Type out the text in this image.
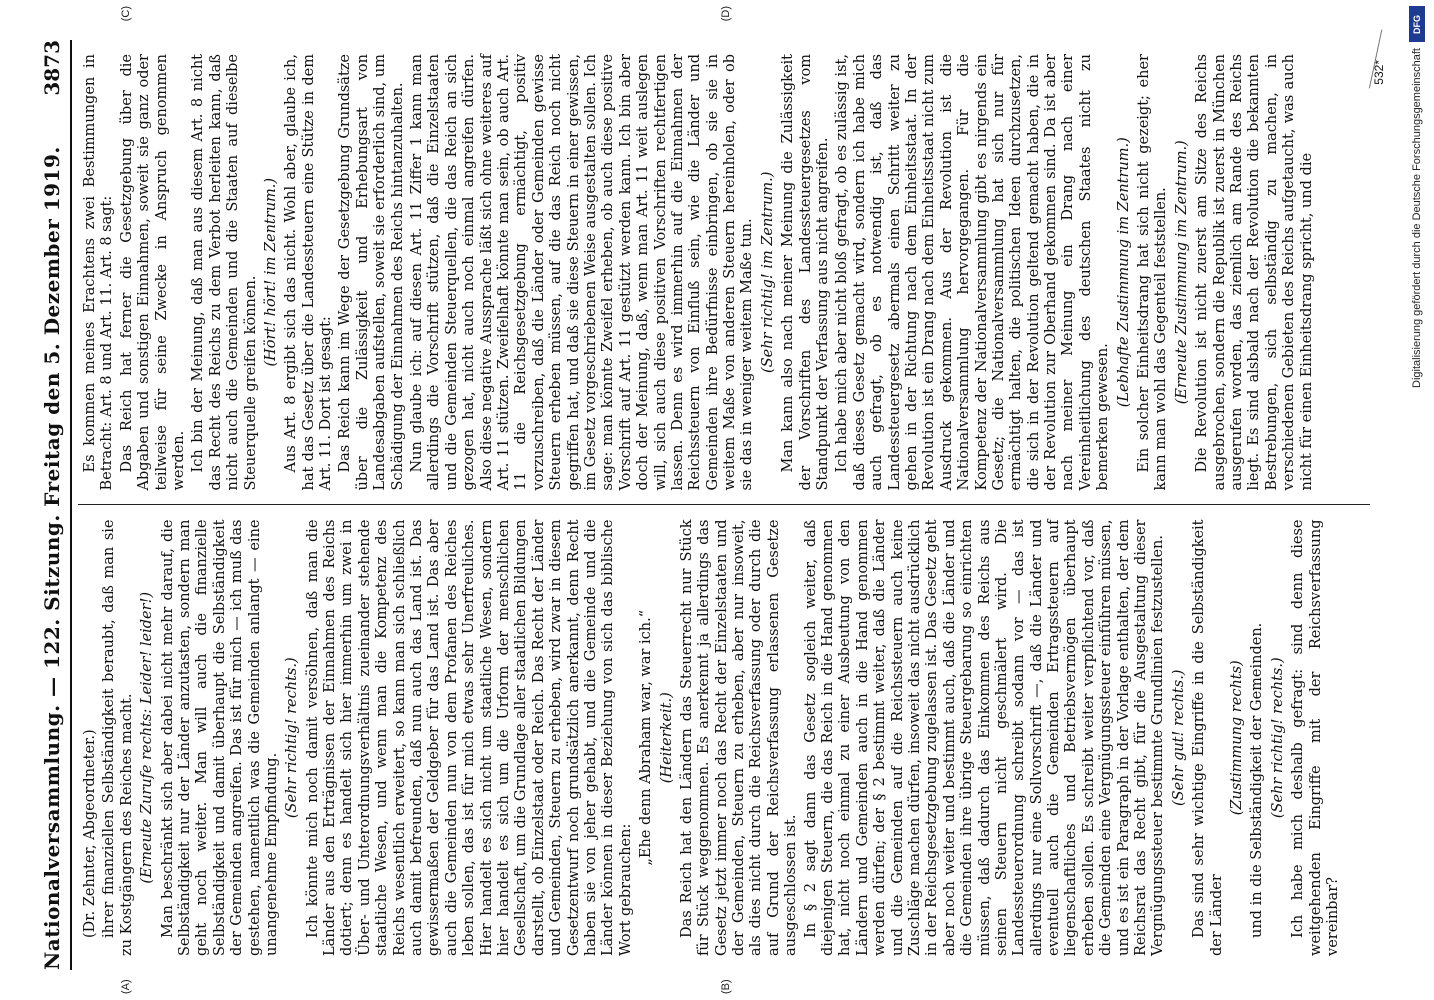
Nationalversammlung. — 122. Sitzung. Freitag den 5. Dezember 1919.
3873

(Dr. Zehnter, Abgeordneter.) ihrer finanziellen Selbständigkeit beraubt, daß man sie zu Kostgängern des Reiches macht. (Erneute Zurufe rechts: Leider! leider!) Man beschränkt sich aber dabei nicht mehr darauf, die Selbständigkeit nur der Länder anzutasten, sondern man geht noch weiter. Man will auch die finanzielle Selbständigkeit und damit überhaupt die Selbständigkeit der Gemeinden angreifen. Das ist für mich — ich muß das gestehen, namentlich was die Gemeinden anlangt — eine unangenehme Empfindung.

(Sehr richtig! rechts.) Ich könnte mich noch damit versöhnen, daß man die Länder aus den Erträgnissen der Einnahmen des Reichs dotiert; denn es handelt sich hier immerhin um zwei in Über- und Unterordnungsverhältnis zueinander stehende staatliche Wesen, und wenn man die Kompetenz des Reichs wesentlich erweitert, so kann man sich schließlich auch damit befreunden, daß nun auch das Land ist. Das gewissermaßen der Geldgeber für das Land ist. Das aber auch die Gemeinden nun von dem Profanen des Reiches leben sollen, das ist für mich etwas sehr Unerfreuliches. Hier handelt es sich nicht um staatliche Wesen, sondern hier handelt es sich um die Urform der menschlichen Gesellschaft, um die Grundlage aller staatlichen Bildungen darstellt, ob Einzelstaat oder Reich. Das Recht der Länder und Gemeinden, Steuern zu erheben, wird zwar in diesem Gesetzentwurf noch grundsätzlich anerkannt, denn Recht haben sie von jeher gehabt, und die Gemeinde und die Länder können in dieser Beziehung von sich das biblische Wort gebrauchen:

„Ehe denn Abraham war, war ich.“ (Heiterkeit.) Das Reich hat den Ländern das Steuerrecht nur Stück für Stück weggenommen. Es anerkennt ja allerdings das Gesetz jetzt immer noch das Recht der Einzelstaaten und der Gemeinden, Steuern zu erheben, aber nur insoweit, als dies nicht durch die Reichsverfassung oder durch die auf Grund der Reichsverfassung erlassenen Gesetze ausgeschlossen ist. In § 2 sagt dann das Gesetz sogleich weiter, daß diejenigen Steuern, die das Reich in die Hand genommen hat, nicht noch einmal zu einer Ausbeutung von den Ländern und Gemeinden auch in die Hand genommen werden dürfen; der § 2 bestimmt weiter, daß die Länder und die Gemeinden auf die Reichssteuern auch keine Zuschläge machen dürfen, insoweit das nicht ausdrücklich in der Reichsgesetzgebung zugelassen ist. Das Gesetz geht aber noch weiter und bestimmt auch, daß die Länder und die Gemeinden ihre übrige Steuergebarung so einrichten müssen, daß dadurch das Einkommen des Reichs aus seinen Steuern nicht geschmälert wird. Die Landessteuerordnung schreibt sodann vor — das ist allerdings nur eine Sollvorschrift —, daß die Länder und eventuell auch die Gemeinden Ertragssteuern auf liegenschaftliches und Betriebsvermögen überhaupt erheben sollen. Es schreibt weiter verpflichtend vor, daß die Gemeinden eine Vergnügungssteuer einführen müssen, und es ist ein Paragraph in der Vorlage enthalten, der dem Reichsrat das Recht gibt, für die Ausgestaltung dieser Vergnügungssteuer bestimmte Grundlinien festzustellen. (Sehr gut! rechts.) Das sind sehr wichtige Eingriffe in die Selbständigkeit der Länder

(Zustimmung rechts) und in die Selbständigkeit der Gemeinden. (Sehr richtig! rechts.) Ich habe mich deshalb gefragt: sind denn diese weitgehenden Eingriffe mit der Reichsverfassung vereinbar?

Es kommen meines Erachtens zwei Bestimmungen in Betracht: Art. 8 und Art. 11. Art. 8 sagt: Das Reich hat ferner die Gesetzgebung über die Abgaben und sonstigen Einnahmen, soweit sie ganz oder teilweise für seine Zwecke in Anspruch genommen werden. Ich bin der Meinung, daß man aus diesem Art. 8 nicht das Recht des Reichs zu dem Verbot herleiten kann, daß nicht auch die Gemeinden und die Staaten auf dieselbe Steuerquelle greifen können.

(Hört! hört! im Zentrum.) Aus Art. 8 ergibt sich das nicht. Wohl aber, glaube ich, hat das Gesetz über die Landessteuern eine Stütze in dem Art. 11. Dort ist gesagt: Das Reich kann im Wege der Gesetzgebung Grundsätze über die Zulässigkeit und Erhebungsart von Landesabgaben aufstellen, soweit sie erforderlich sind, um Schädigung der Einnahmen des Reichs hintanzuhalten. Nun glaube ich: auf diesen Art. 11 Ziffer 1 kann man allerdings die Vorschrift stützen, daß die Einzelstaaten und die Gemeinden Steuerquellen, die das Reich an sich gezogen hat, nicht auch noch einmal angreifen dürfen. Also diese negative Aussprache läßt sich ohne weiteres auf Art. 11 stützen. Zweifelhaft könnte man sein, ob auch Art. 11 die Reichsgesetzgebung ermächtigt, positiv vorzuschreiben, daß die Länder oder Gemeinden gewisse Steuern erheben müssen, auf die das Reich noch nicht gegriffen hat, und daß sie diese Steuern in einer gewissen, im Gesetz vorgeschriebenen Weise ausgestalten sollen. Ich sage: man könnte Zweifel erheben, ob auch diese positive Vorschrift auf Art. 11 gestützt werden kann. Ich bin aber doch der Meinung, daß, wenn man Art. 11 weit auslegen will, sich auch diese positiven Vorschriften rechtfertigen lassen. Denn es wird immerhin auf die Einnahmen der Reichssteuern von Einfluß sein, wie die Länder und Gemeinden ihre Bedürfnisse einbringen, ob sie sie in weitem Maße von anderen Steuern hereinholen, oder ob sie das in weniger weitem Maße tun. (Sehr richtig! im Zentrum.) Man kann also nach meiner Meinung die Zulässigkeit der Vorschriften des Landessteuergesetzes vom Standpunkt der Verfassung aus nicht angreifen. Ich habe mich aber nicht bloß gefragt, ob es zulässig ist, daß dieses Gesetz gemacht wird, sondern ich habe mich auch gefragt, ob es notwendig ist, daß das Landessteuergesetz abermals einen Schritt weiter zu gehen in der Richtung nach dem Einheitsstaat. In der Revolution ist ein Drang nach dem Einheitsstaat nicht zum Ausdruck gekommen. Aus der Revolution ist die Nationalversammlung hervorgegangen. Für die Kompetenz der Nationalversammlung gibt es nirgends ein Gesetz; die Nationalversammlung hat sich nur für ermächtigt halten, die politischen Ideen durchzusetzen, die sich in der Revolution geltend gemacht haben, die in der Revolution zur Oberhand gekommen sind. Da ist aber nach meiner Meinung ein Drang nach einer Vereinheitlichung des deutschen Staates nicht zu bemerken gewesen.

(Lebhafte Zustimmung im Zentrum.) Ein solcher Einheitsdrang hat sich nicht gezeigt; eher kann man wohl das Gegenteil feststellen. (Erneute Zustimmung im Zentrum.) Die Revolution ist nicht zuerst am Sitze des Reichs ausgebrochen, sondern die Republik ist zuerst in München ausgerufen worden, das ziemlich am Rande des Reichs liegt. Es sind alsbald nach der Revolution die bekannten Bestrebungen, sich selbständig zu machen, in verschiedenen Gebieten des Reichs aufgetaucht, was auch nicht für einen Einheitsdrang spricht, und die

(A)	(B)
(C)	(D)
532*
DFG
Digitalisierung gefördert durch die Deutsche Forschungsgemeinschaft
